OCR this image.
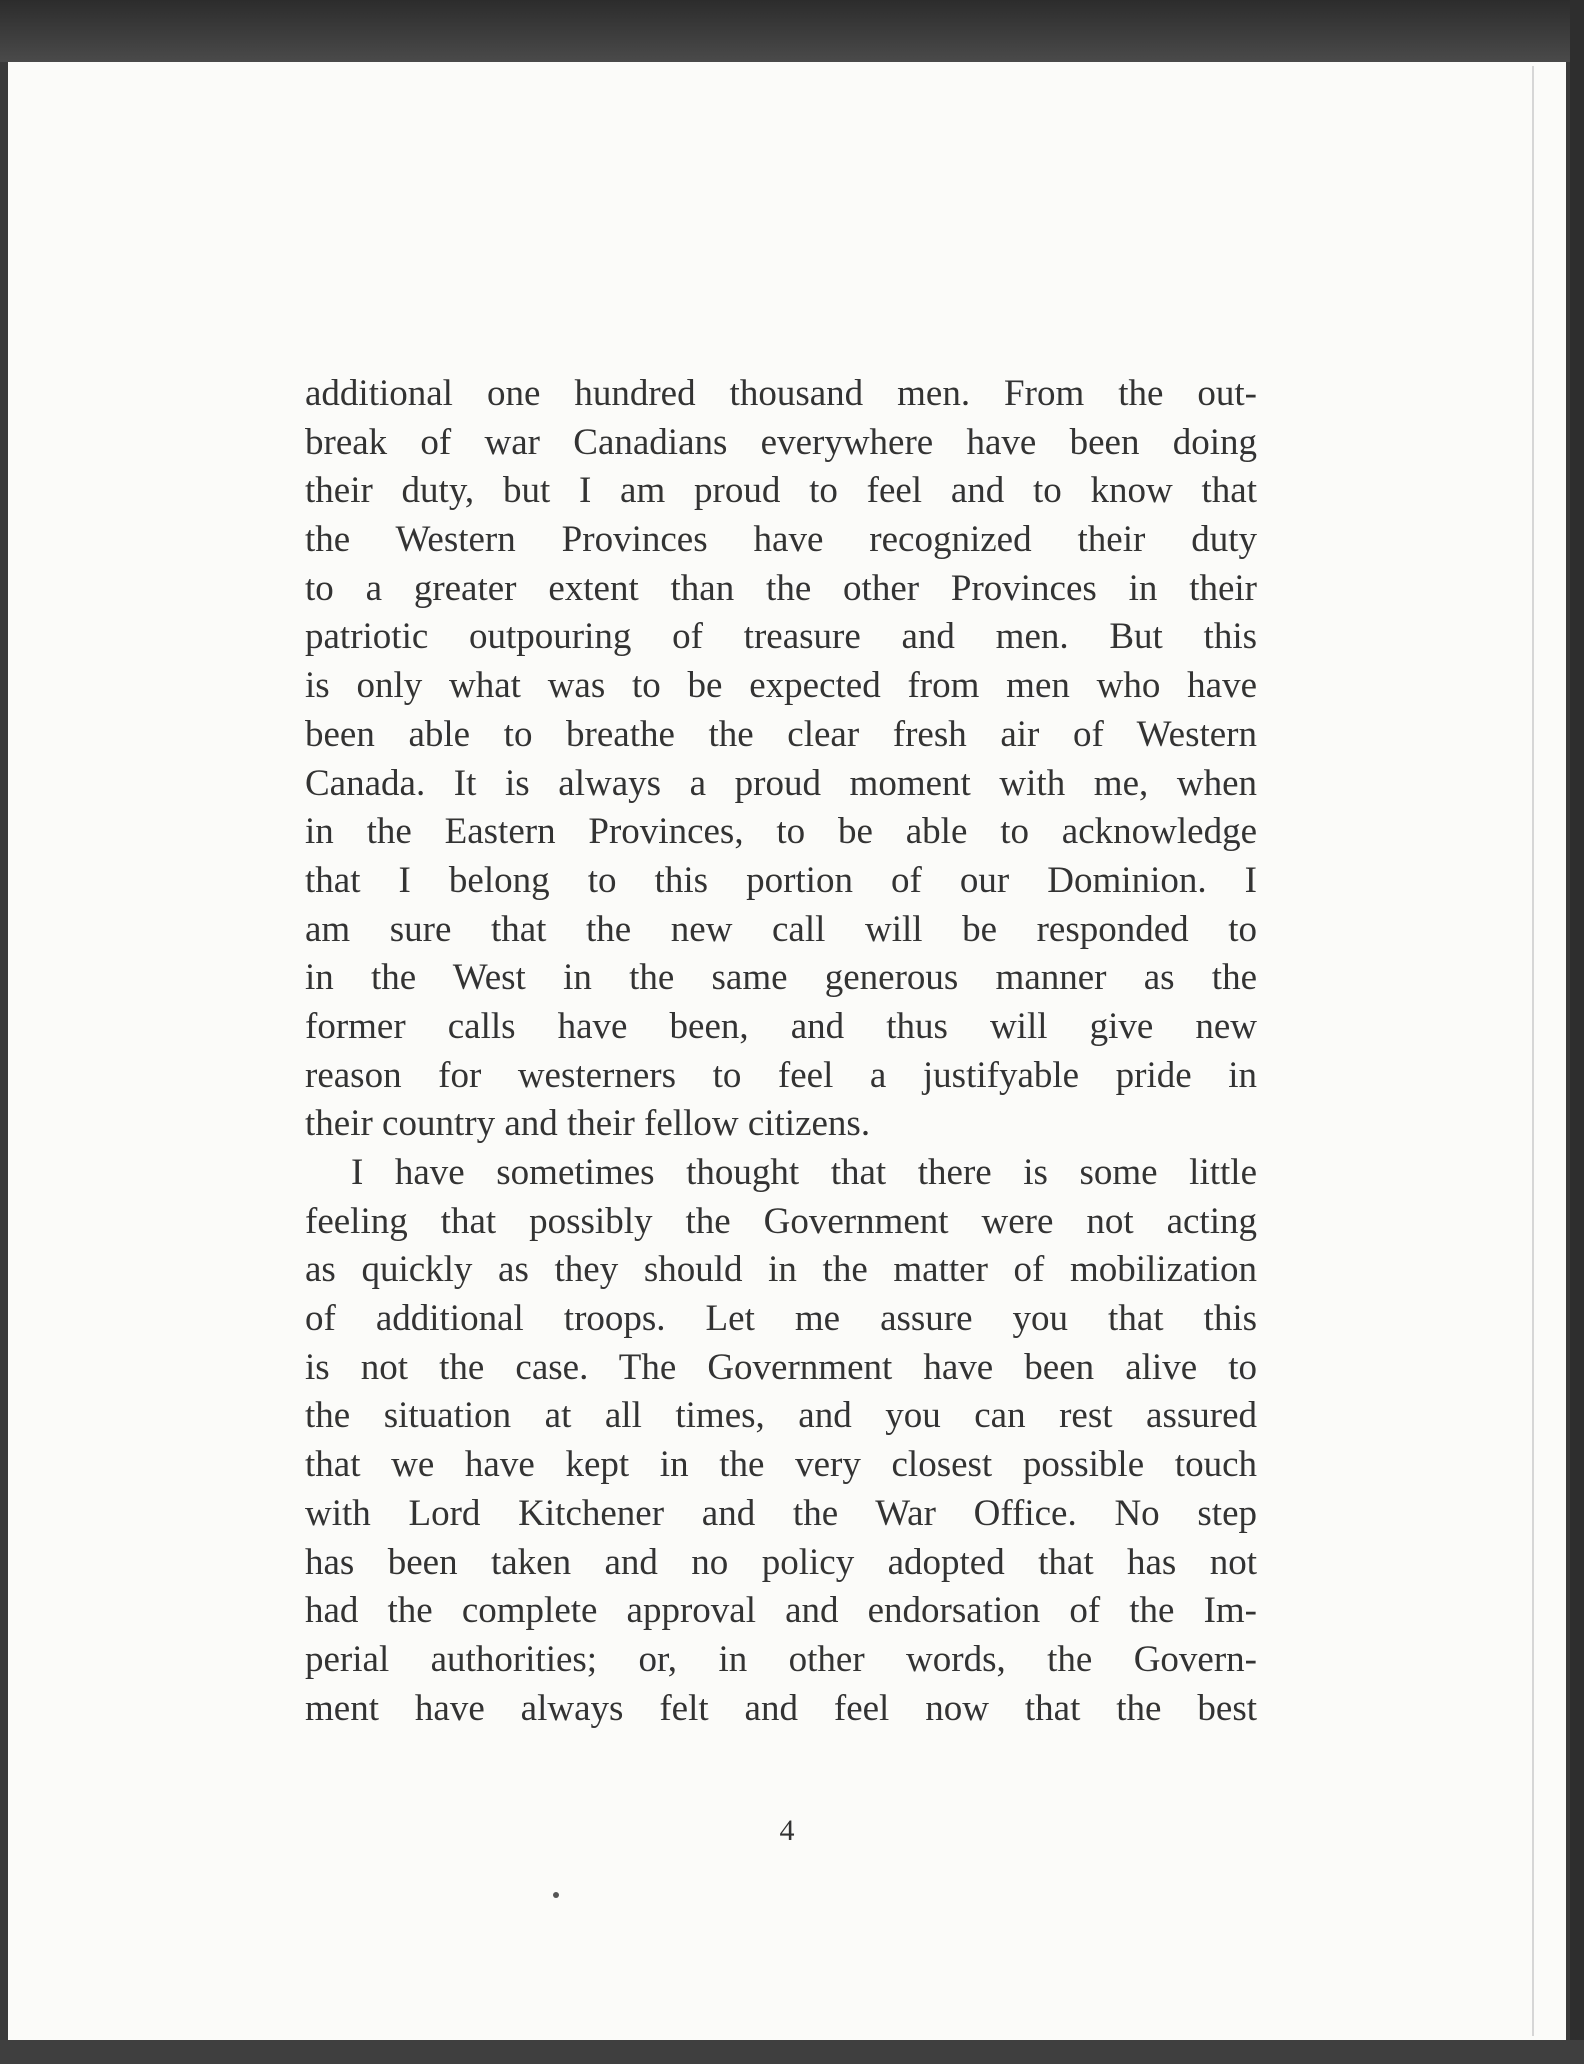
4
additional one hundred thousand men. From the out-
break of war Canadians everywhere have been doing
their duty, but I am proud to feel and to know that
the Western Provinces have recognized their duty
to a greater extent than the other Provinces in their
patriotic outpouring of treasure and men. But this
is only what was to be expected from men who have
been able to breathe the clear fresh air of Western
Canada. It is always a proud moment with me, when
in the Eastern Provinces, to be able to acknowledge
that I belong to this portion of our Dominion. I
am sure that the new call will be responded to
in the West in the same generous manner as the
former calls have been, and thus will give new
reason for westerners to feel a justifyable pride in
their country and their fellow citizens.
I have sometimes thought that there is some little
feeling that possibly the Government were not acting
as quickly as they should in the matter of mobilization
of additional troops. Let me assure you that this
is not the case. The Government have been alive to
the situation at all times, and you can rest assured
that we have kept in the very closest possible touch
with Lord Kitchener and the War Office. No step
has been taken and no policy adopted that has not
had the complete approval and endorsation of the Im-
perial authorities; or, in other words, the Govern-
ment have always felt and feel now that the best
